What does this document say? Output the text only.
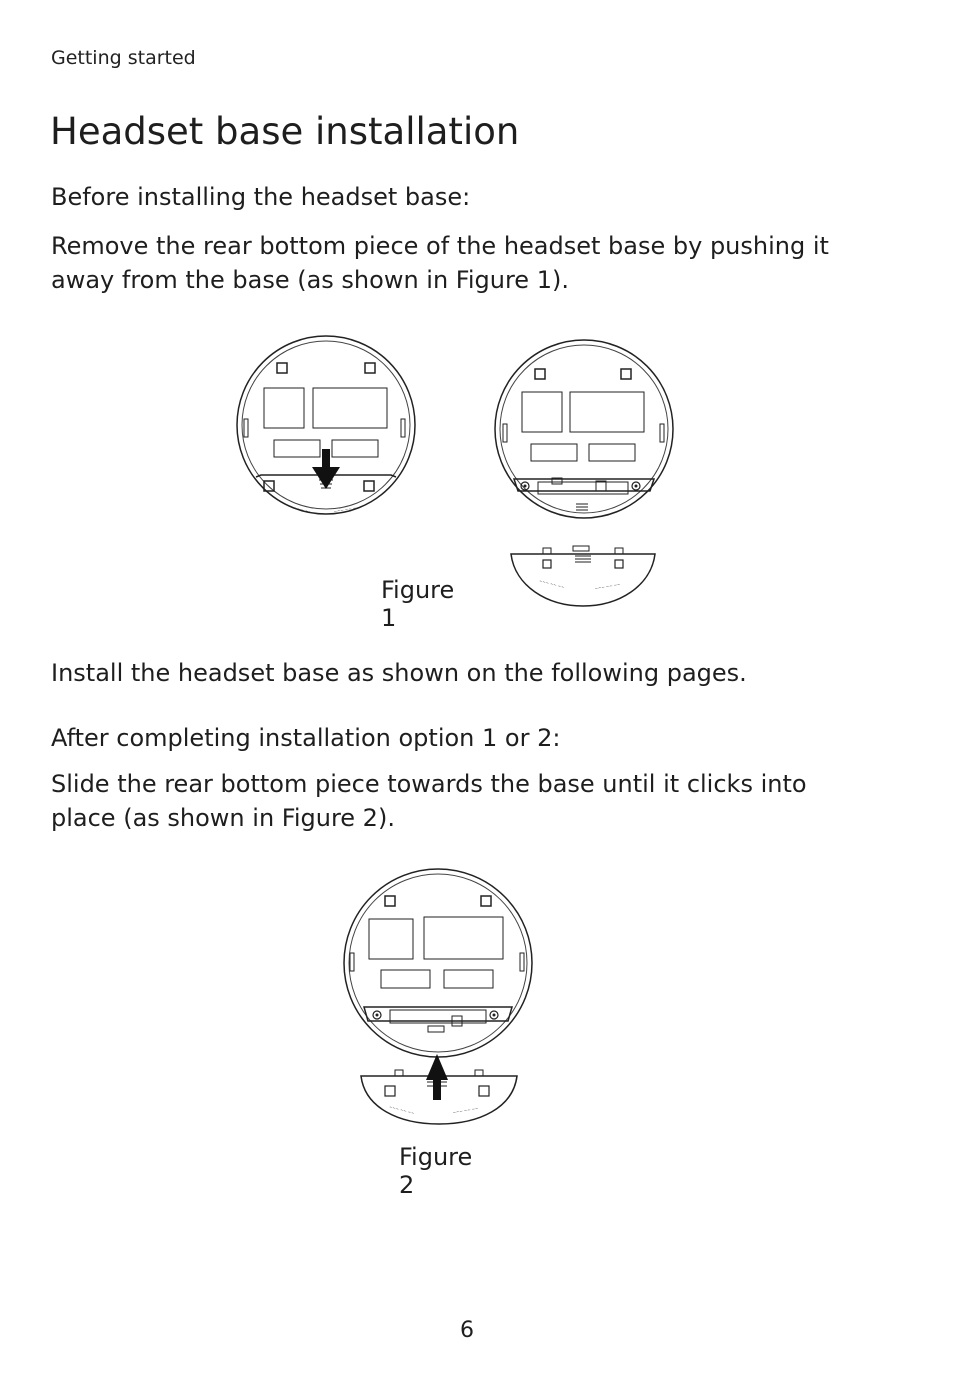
Getting started
Headset base installation

Before installing the headset base:

Remove the rear bottom piece of the headset base by pushing it away from the base (as shown in Figure 1).

~~~ ~~ ~~	~~~ ~~ ~~
~~~ ~~ ~~	~~~ ~~ ~~
Figure 1

Install the headset base as shown on the following pages.

After completing installation option 1 or 2:

Slide the rear bottom piece towards the base until it clicks into place (as shown in Figure 2).

~~~ ~~ ~~	~~~ ~~ ~~
Figure 2
6
